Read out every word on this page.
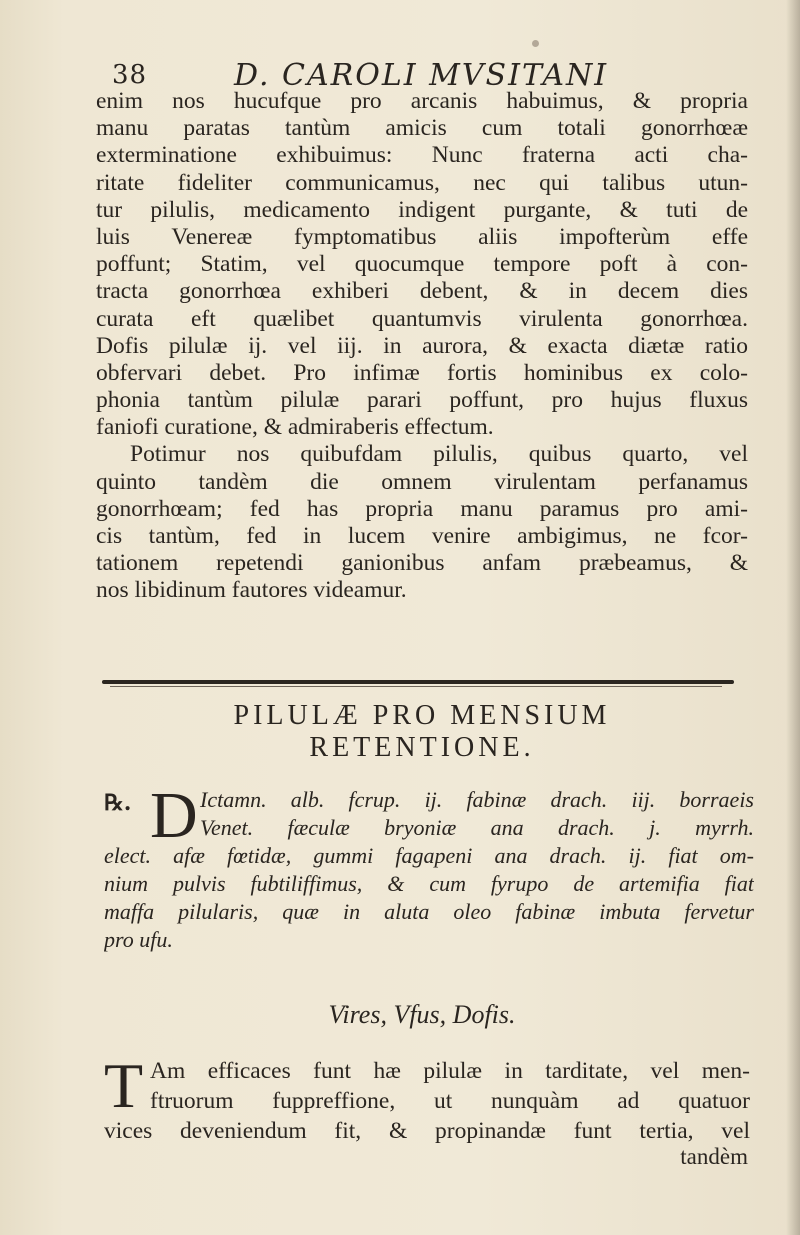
38	D. CAROLI MVSITANI
enim nos hucufque pro arcanis habuimus, & propria
manu paratas tantùm amicis cum totali gonorrhœæ
exterminatione exhibuimus: Nunc fraterna acti cha-
ritate fideliter communicamus, nec qui talibus utun-
tur pilulis, medicamento indigent purgante, & tuti de
luis Venereæ fymptomatibus aliis impofterùm effe
poffunt; Statim, vel quocumque tempore poft à con-
tracta gonorrhœa exhiberi debent, & in decem dies
curata eft quælibet quantumvis virulenta gonorrhœa.
Dofis pilulæ ij. vel iij. in aurora, & exacta diætæ ratio
obfervari debet. Pro infimæ fortis hominibus ex colo-
phonia tantùm pilulæ parari poffunt, pro hujus fluxus
faniofi curatione, & admiraberis effectum.
Potimur nos quibufdam pilulis, quibus quarto, vel
quinto tandèm die omnem virulentam perfanamus
gonorrhœam; fed has propria manu paramus pro ami-
cis tantùm, fed in lucem venire ambigimus, ne fcor-
tationem repetendi ganionibus anfam præbeamus, &
nos libidinum fautores videamur.
PILULÆ PRO MENSIUM
RETENTIONE.
℞. D Ictamn. alb. fcrup. ij. fabinæ drach. iij. borraeis
Venet. fæculæ bryoniæ ana drach. j. myrrh.
elect. afæ fœtidæ, gummi fagapeni ana drach. ij. fiat om-
nium pulvis fubtiliffimus, & cum fyrupo de artemifia fiat
maffa pilularis, quæ in aluta oleo fabinæ imbuta fervetur
pro ufu.
Vires, Vfus, Dofis.
T Am efficaces funt hæ pilulæ in tarditate, vel men-
ftruorum fuppreffione, ut nunquàm ad quatuor
vices deveniendum fit, & propinandæ funt tertia, vel
tandèm
